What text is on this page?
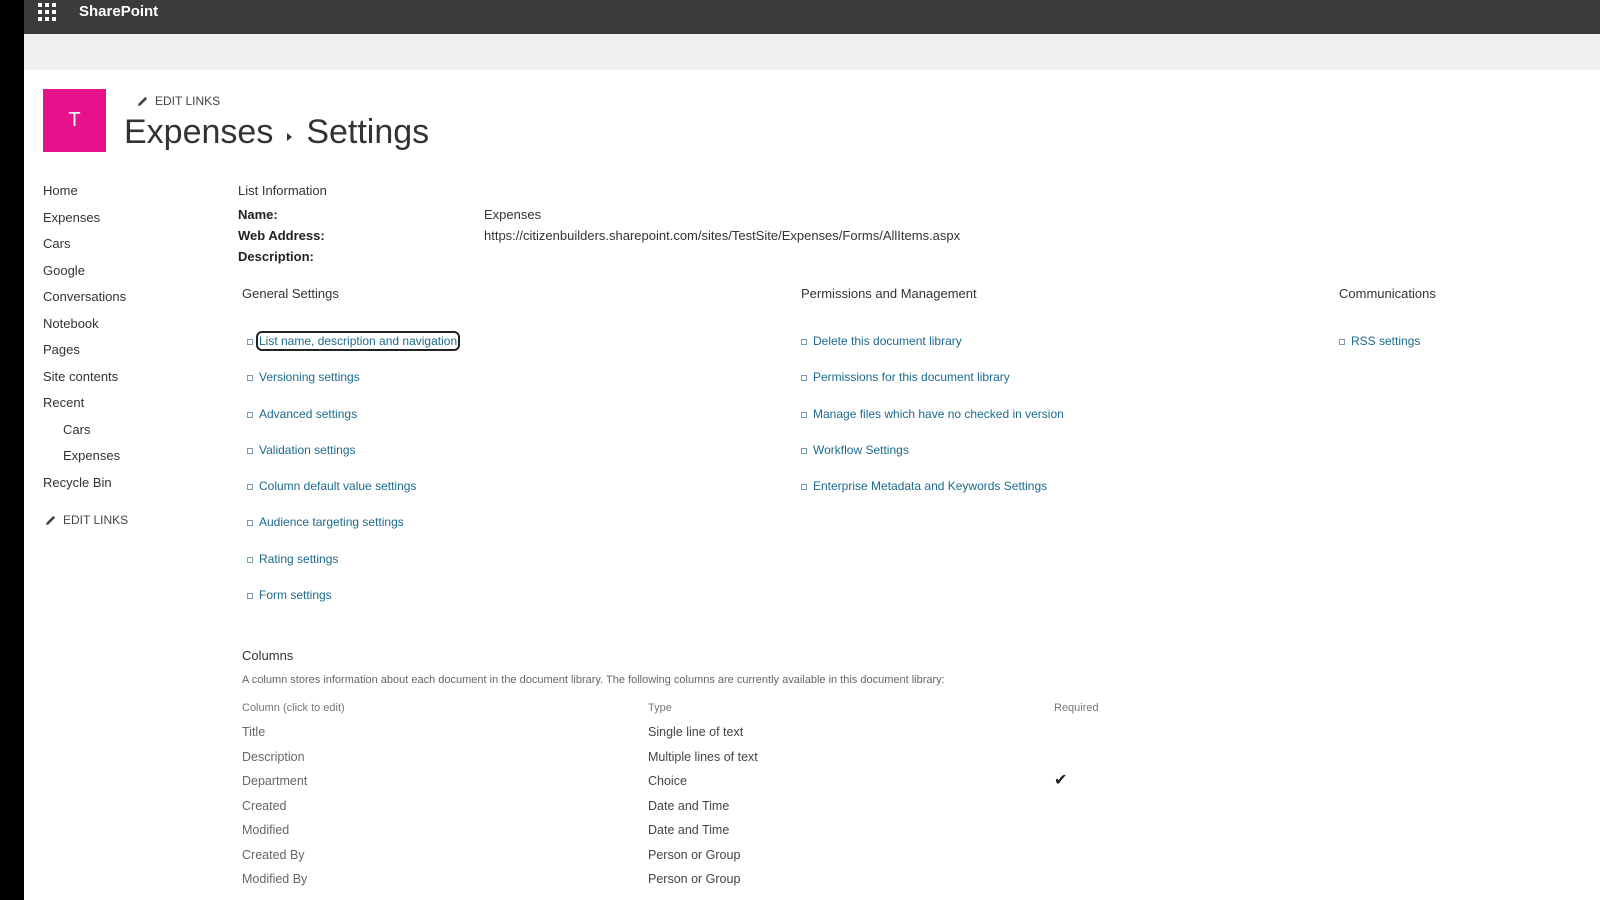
SharePoint
T
EDIT LINKS
Expenses Settings
Home
Expenses
Cars
Google
Conversations
Notebook
Pages
Site contents
Recent
Cars
Expenses
Recycle Bin
EDIT LINKS
List Information
Name:	Expenses
Web Address:	https://citizenbuilders.sharepoint.com/sites/TestSite/Expenses/Forms/AllItems.aspx
Description:
General Settings
List name, description and navigation
Versioning settings
Advanced settings
Validation settings
Column default value settings
Audience targeting settings
Rating settings
Form settings
Permissions and Management
Delete this document library
Permissions for this document library
Manage files which have no checked in version
Workflow Settings
Enterprise Metadata and Keywords Settings
Communications
RSS settings
Columns
A column stores information about each document in the document library. The following columns are currently available in this document library:
Column (click to edit)	Type	Required
Title	Single line of text	
Description	Multiple lines of text	
Department	Choice	✔
Created	Date and Time	
Modified	Date and Time	
Created By	Person or Group	
Modified By	Person or Group	
